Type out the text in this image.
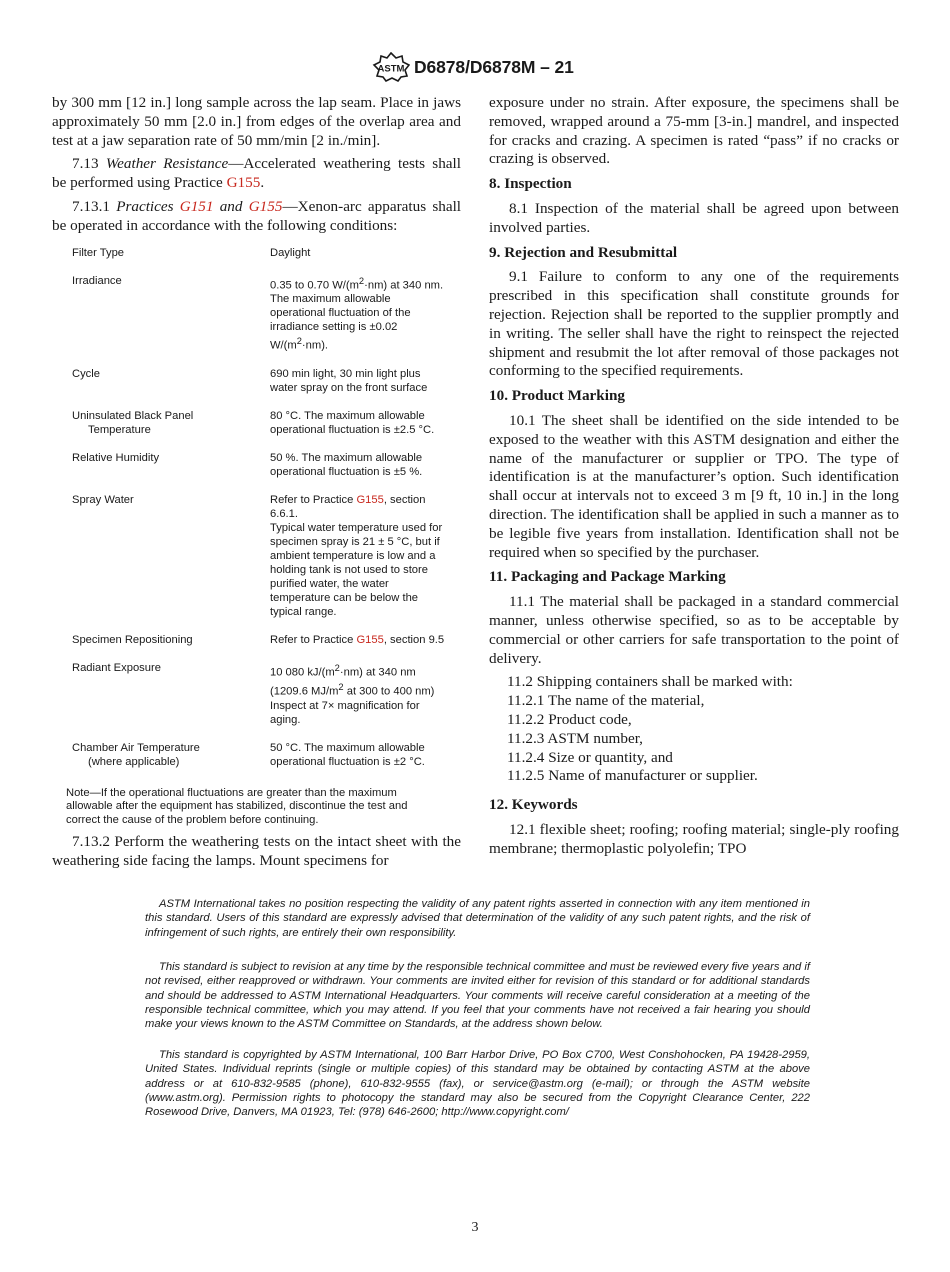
ASTM D6878/D6878M – 21

by 300 mm [12 in.] long sample across the lap seam. Place in jaws approximately 50 mm [2.0 in.] from edges of the overlap area and test at a jaw separation rate of 50 mm/min [2 in./min].

7.13 Weather Resistance—Accelerated weathering tests shall be performed using Practice G155.

7.13.1 Practices G151 and G155—Xenon-arc apparatus shall be operated in accordance with the following conditions:

Filter Type	Daylight
Irradiance	0.35 to 0.70 $W/(m^2\cdot nm)$ at 340 nm.
The maximum allowable operational fluctuation of the irradiance setting is ±0.02 $W/(m^2\cdot nm)$.
Cycle	690 min light, 30 min light plus water spray on the front surface
Uninsulated Black Panel
Temperature	80 °C. The maximum allowable operational fluctuation is ±2.5 °C.
Relative Humidity	50 %. The maximum allowable operational fluctuation is ±5 %.
Spray Water	Refer to Practice G155, section 6.6.1.
Typical water temperature used for specimen spray is 21 ± 5 °C, but if ambient temperature is low and a holding tank is not used to store purified water, the water temperature can be below the typical range.
Specimen Repositioning	Refer to Practice G155, section 9.5
Radiant Exposure	10 080 $kJ/(m^2\cdot nm)$ at 340 nm (1209.6 $MJ/m^2$ at 300 to 400 nm) Inspect at 7× magnification for aging.
Chamber Air Temperature
(where applicable)	50 °C. The maximum allowable operational fluctuation is ±2 °C.

Note—If the operational fluctuations are greater than the maximum allowable after the equipment has stabilized, discontinue the test and correct the cause of the problem before continuing.

7.13.2 Perform the weathering tests on the intact sheet with the weathering side facing the lamps. Mount specimens for

exposure under no strain. After exposure, the specimens shall be removed, wrapped around a 75-mm [3-in.] mandrel, and inspected for cracks and crazing. A specimen is rated “pass” if no cracks or crazing is observed.

8. Inspection

8.1 Inspection of the material shall be agreed upon between involved parties.

9. Rejection and Resubmittal

9.1 Failure to conform to any one of the requirements prescribed in this specification shall constitute grounds for rejection. Rejection shall be reported to the supplier promptly and in writing. The seller shall have the right to reinspect the rejected shipment and resubmit the lot after removal of those packages not conforming to the specified requirements.

10. Product Marking

10.1 The sheet shall be identified on the side intended to be exposed to the weather with this ASTM designation and either the name of the manufacturer or supplier or TPO. The type of identification is at the manufacturer’s option. Such identification shall occur at intervals not to exceed 3 m [9 ft, 10 in.] in the long direction. The identification shall be applied in such a manner as to be legible five years from installation. Identification shall not be required when so specified by the purchaser.

11. Packaging and Package Marking

11.1 The material shall be packaged in a standard commercial manner, unless otherwise specified, so as to be acceptable by commercial or other carriers for safe transportation to the point of delivery.

11.2 Shipping containers shall be marked with:

11.2.1 The name of the material,

11.2.2 Product code,

11.2.3 ASTM number,

11.2.4 Size or quantity, and

11.2.5 Name of manufacturer or supplier.

12. Keywords

12.1 flexible sheet; roofing; roofing material; single-ply roofing membrane; thermoplastic polyolefin; TPO

ASTM International takes no position respecting the validity of any patent rights asserted in connection with any item mentioned in this standard. Users of this standard are expressly advised that determination of the validity of any such patent rights, and the risk of infringement of such rights, are entirely their own responsibility.
This standard is subject to revision at any time by the responsible technical committee and must be reviewed every five years and if not revised, either reapproved or withdrawn. Your comments are invited either for revision of this standard or for additional standards and should be addressed to ASTM International Headquarters. Your comments will receive careful consideration at a meeting of the responsible technical committee, which you may attend. If you feel that your comments have not received a fair hearing you should make your views known to the ASTM Committee on Standards, at the address shown below.
This standard is copyrighted by ASTM International, 100 Barr Harbor Drive, PO Box C700, West Conshohocken, PA 19428-2959, United States. Individual reprints (single or multiple copies) of this standard may be obtained by contacting ASTM at the above address or at 610-832-9585 (phone), 610-832-9555 (fax), or service@astm.org (e-mail); or through the ASTM website (www.astm.org). Permission rights to photocopy the standard may also be secured from the Copyright Clearance Center, 222 Rosewood Drive, Danvers, MA 01923, Tel: (978) 646-2600; http://www.copyright.com/
3
